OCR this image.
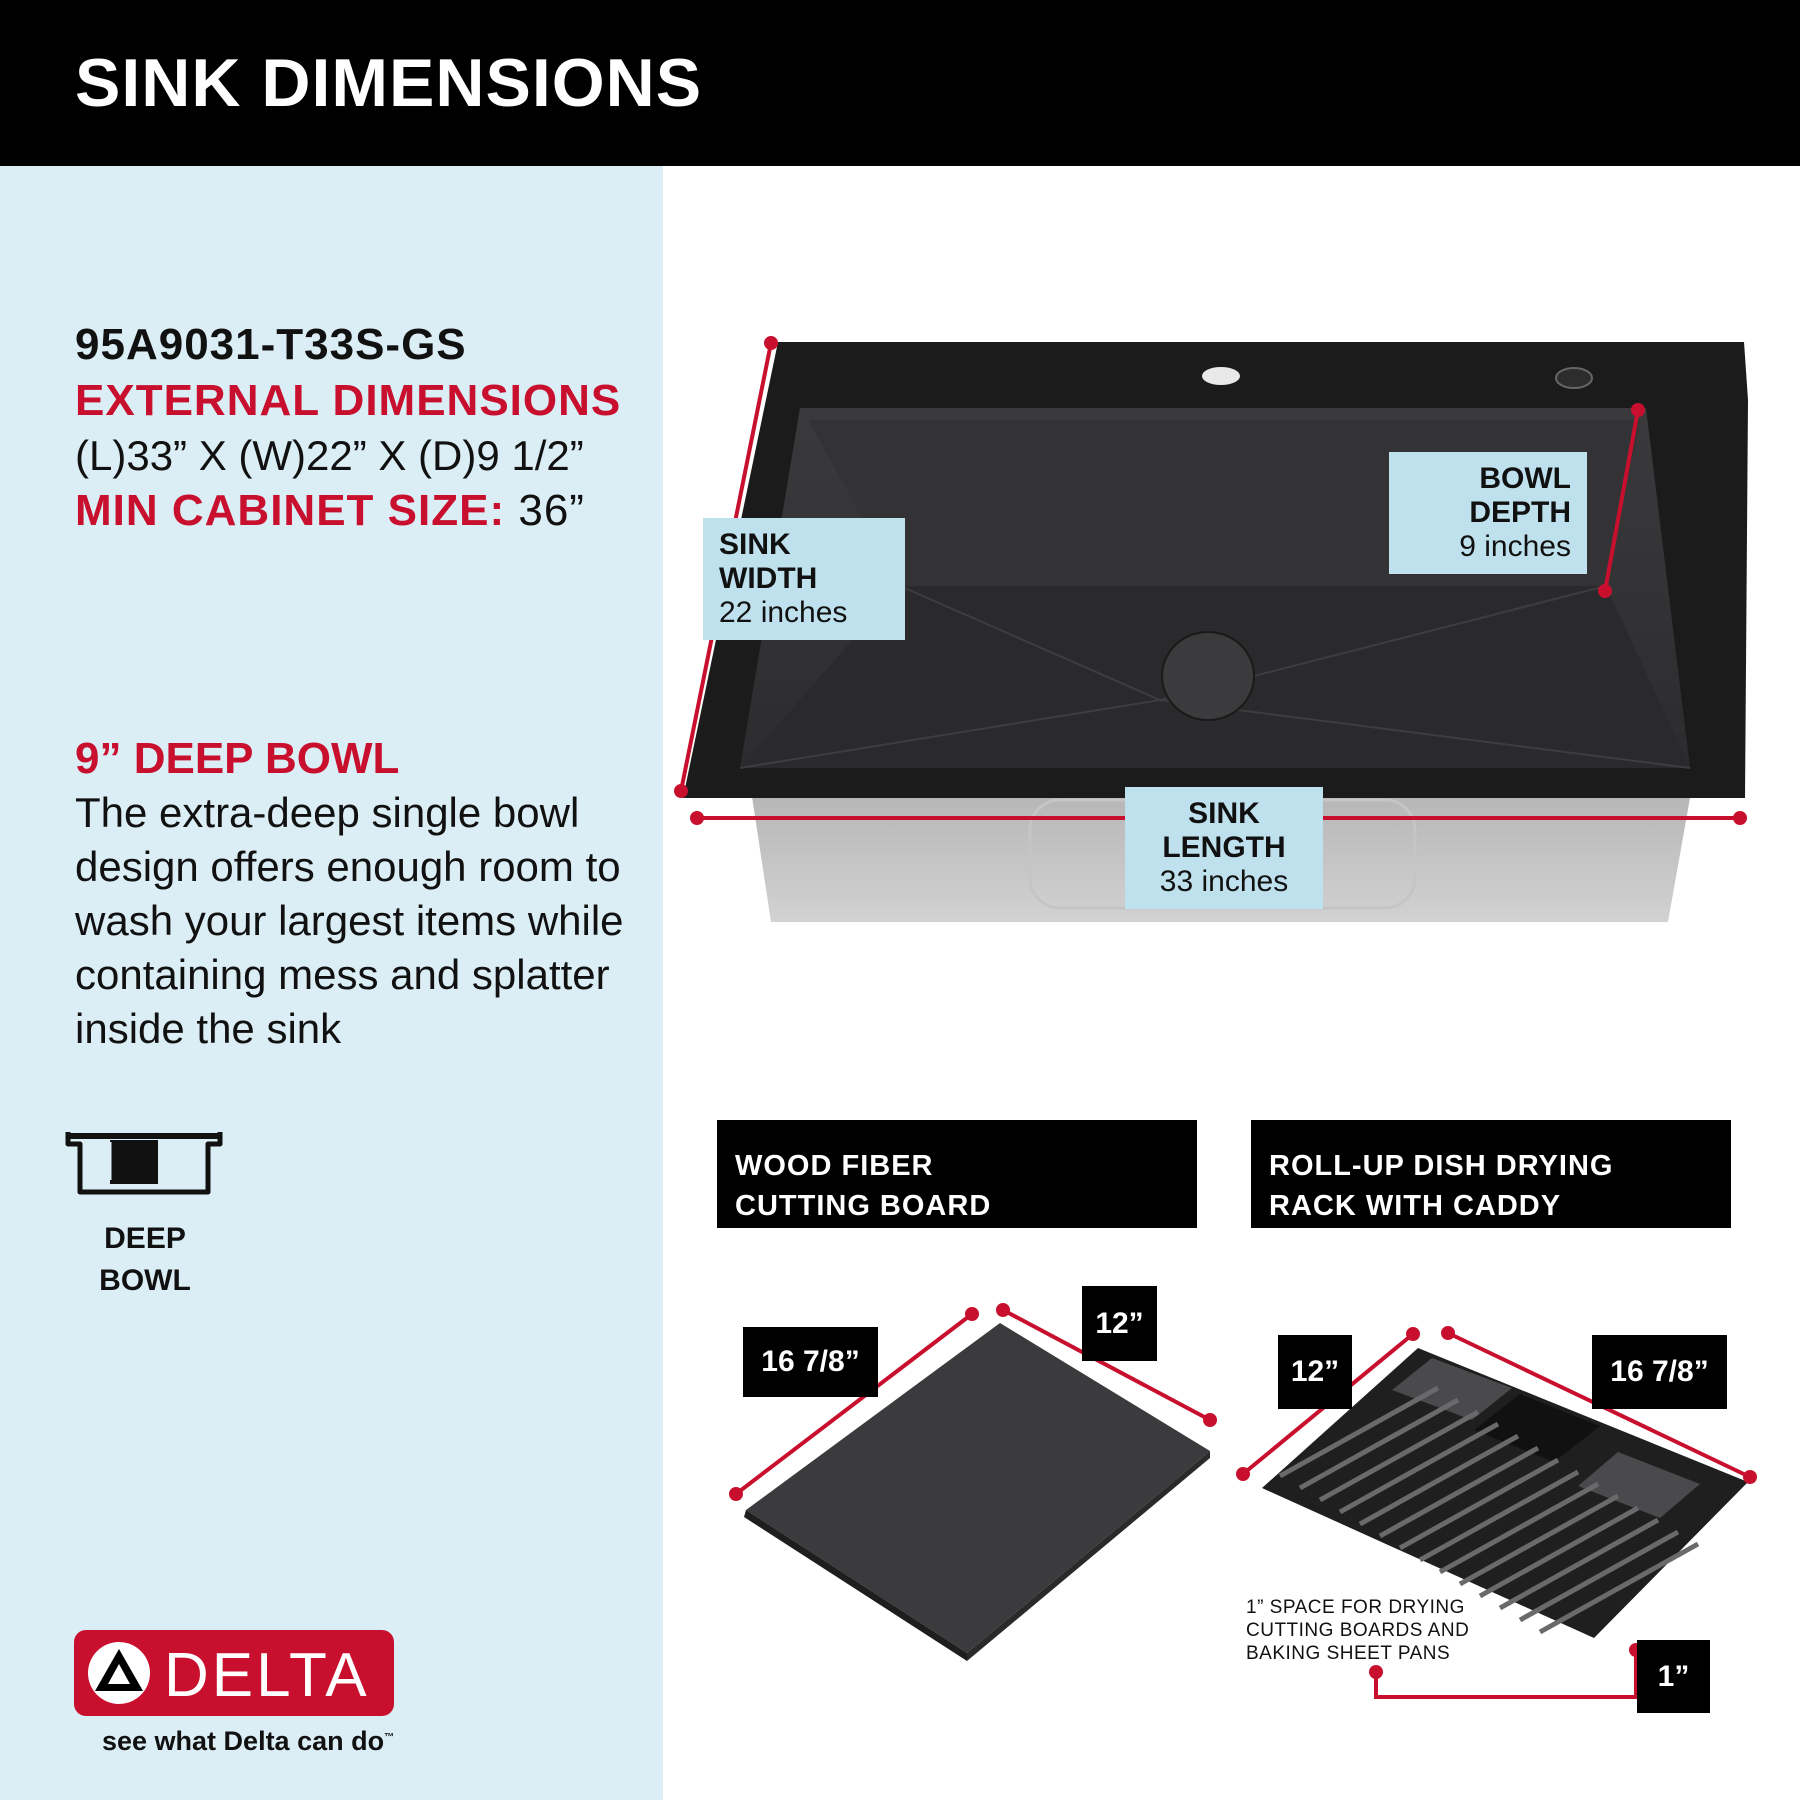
SINK DIMENSIONS
95A9031-T33S-GS
EXTERNAL DIMENSIONS
(L)33” X (W)22” X (D)9 1/2”
MIN CABINET SIZE: 36”
9” DEEP BOWL
The extra-deep single bowl design offers enough room to wash your largest items while containing mess and splatter inside the sink
DEEP
BOWL
DELTA
see what Delta can do™
SINK WIDTH
22 inches
BOWL DEPTH
9 inches
SINK LENGTH
33 inches
WOOD FIBER
CUTTING BOARD
ROLL-UP DISH DRYING
RACK WITH CADDY
16 7/8”
12”
12”	16 7/8”
1”
1” SPACE FOR DRYING
CUTTING BOARDS AND
BAKING SHEET PANS
